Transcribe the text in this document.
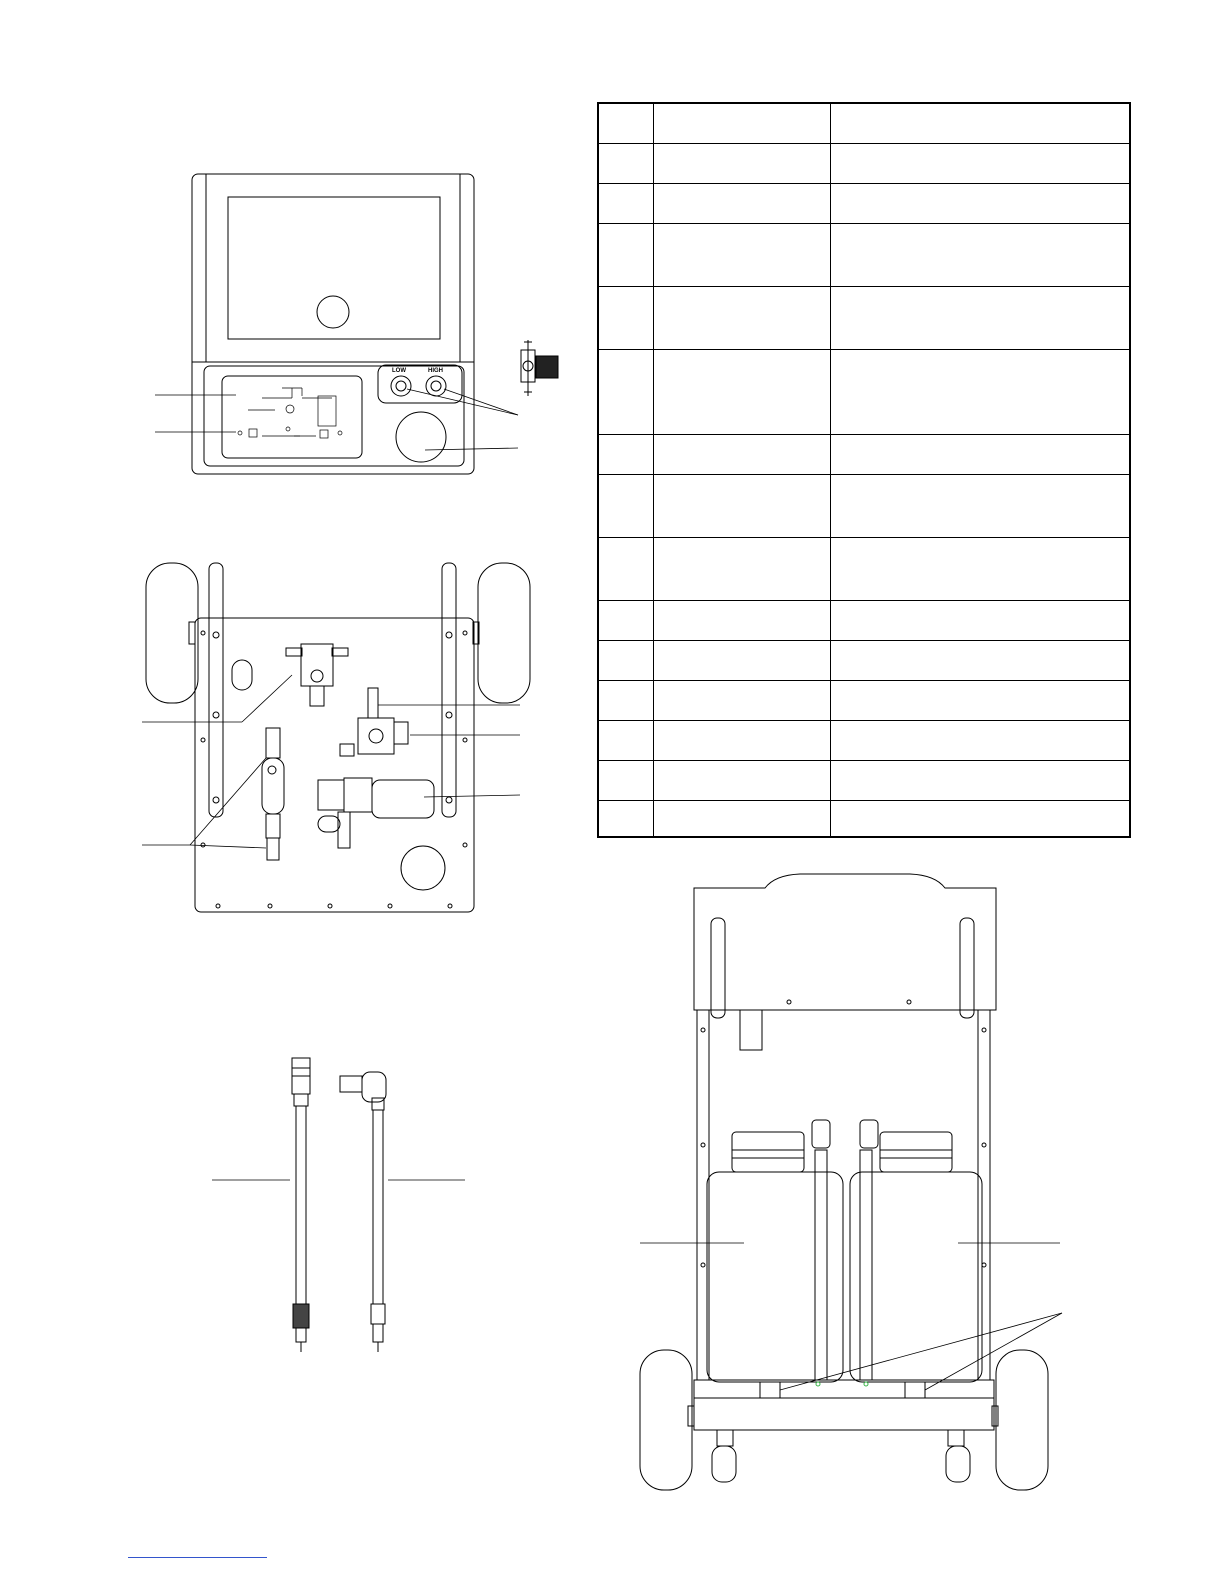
LOW	HIGH
